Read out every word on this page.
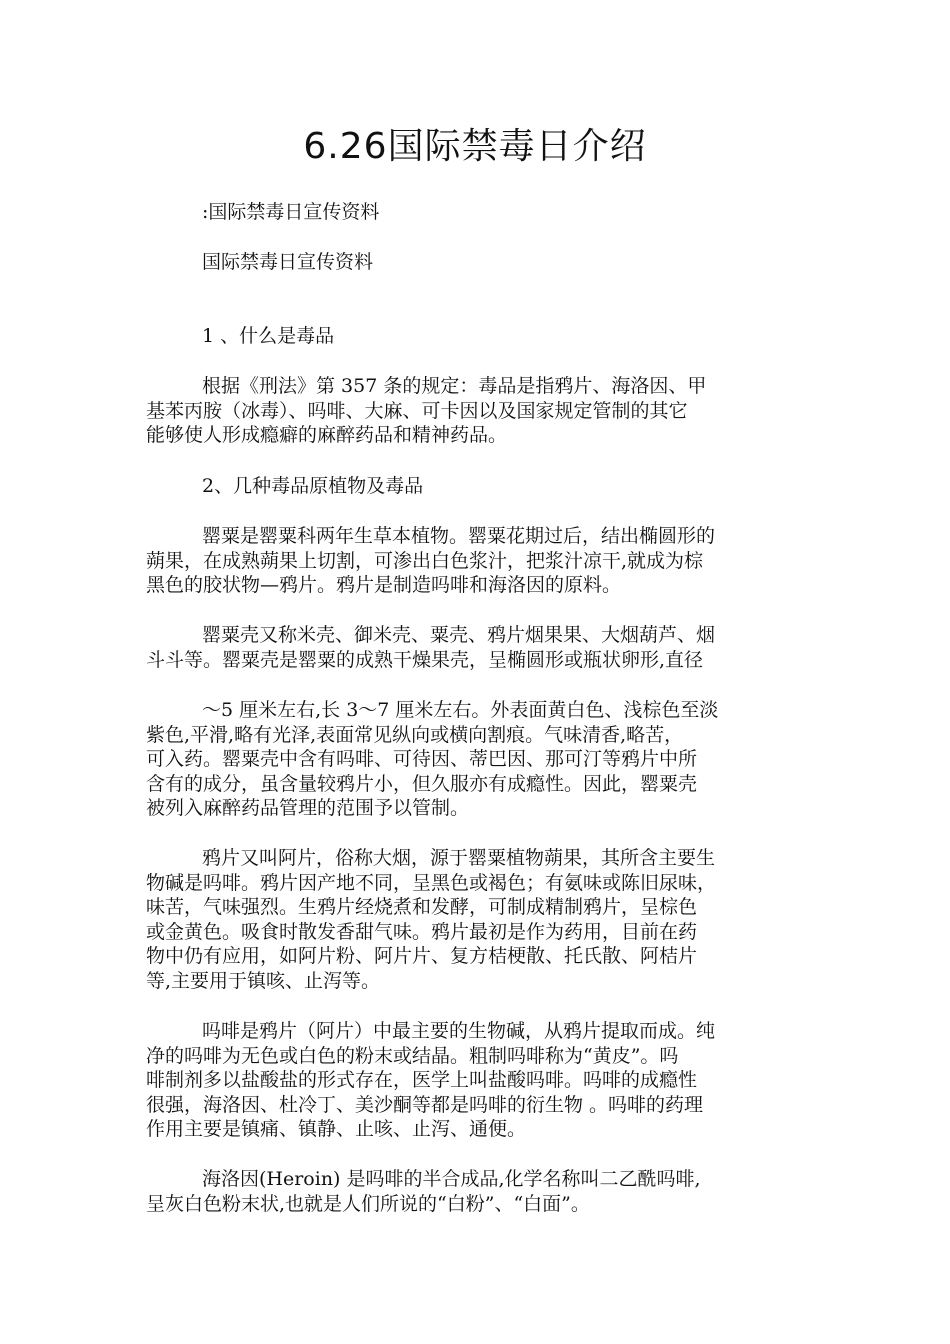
6.26国际禁毒日介绍

:国际禁毒日宣传资料

国际禁毒日宣传资料

1 、什么是毒品

根据《刑法》第 357 条的规定：毒品是指鸦片、海洛因、甲
基苯丙胺（冰毒）、吗啡、大麻、可卡因以及国家规定管制的其它
能够使人形成瘾癖的麻醉药品和精神药品。

2、几种毒品原植物及毒品

罂粟是罂粟科两年生草本植物。罂粟花期过后，结出椭圆形的
蒴果，在成熟蒴果上切割，可渗出白色浆汁，把浆汁凉干,就成为棕
黑色的胶状物—鸦片。鸦片是制造吗啡和海洛因的原料。
罂粟壳又称米壳、御米壳、粟壳、鸦片烟果果、大烟葫芦、烟
斗斗等。罂粟壳是罂粟的成熟干燥果壳，呈椭圆形或瓶状卵形,直径
～5 厘米左右,长 3～7 厘米左右。外表面黄白色、浅棕色至淡
紫色,平滑,略有光泽,表面常见纵向或横向割痕。气味清香,略苦，
可入药。罂粟壳中含有吗啡、可待因、蒂巴因、那可汀等鸦片中所
含有的成分，虽含量较鸦片小，但久服亦有成瘾性。因此，罂粟壳
被列入麻醉药品管理的范围予以管制。
鸦片又叫阿片，俗称大烟，源于罂粟植物蒴果，其所含主要生
物碱是吗啡。鸦片因产地不同，呈黑色或褐色；有氨味或陈旧尿味，
味苦，气味强烈。生鸦片经烧煮和发酵，可制成精制鸦片，呈棕色
或金黄色。吸食时散发香甜气味。鸦片最初是作为药用，目前在药
物中仍有应用，如阿片粉、阿片片、复方桔梗散、托氏散、阿桔片
等,主要用于镇咳、止泻等。
吗啡是鸦片（阿片）中最主要的生物碱，从鸦片提取而成。纯
净的吗啡为无色或白色的粉末或结晶。粗制吗啡称为“黄皮”。吗
啡制剂多以盐酸盐的形式存在，医学上叫盐酸吗啡。吗啡的成瘾性
很强，海洛因、杜冷丁、美沙酮等都是吗啡的衍生物 。吗啡的药理
作用主要是镇痛、镇静、止咳、止泻、通便。
海洛因(Heroin) 是吗啡的半合成品,化学名称叫二乙酰吗啡,
呈灰白色粉末状,也就是人们所说的“白粉”、“白面”。
